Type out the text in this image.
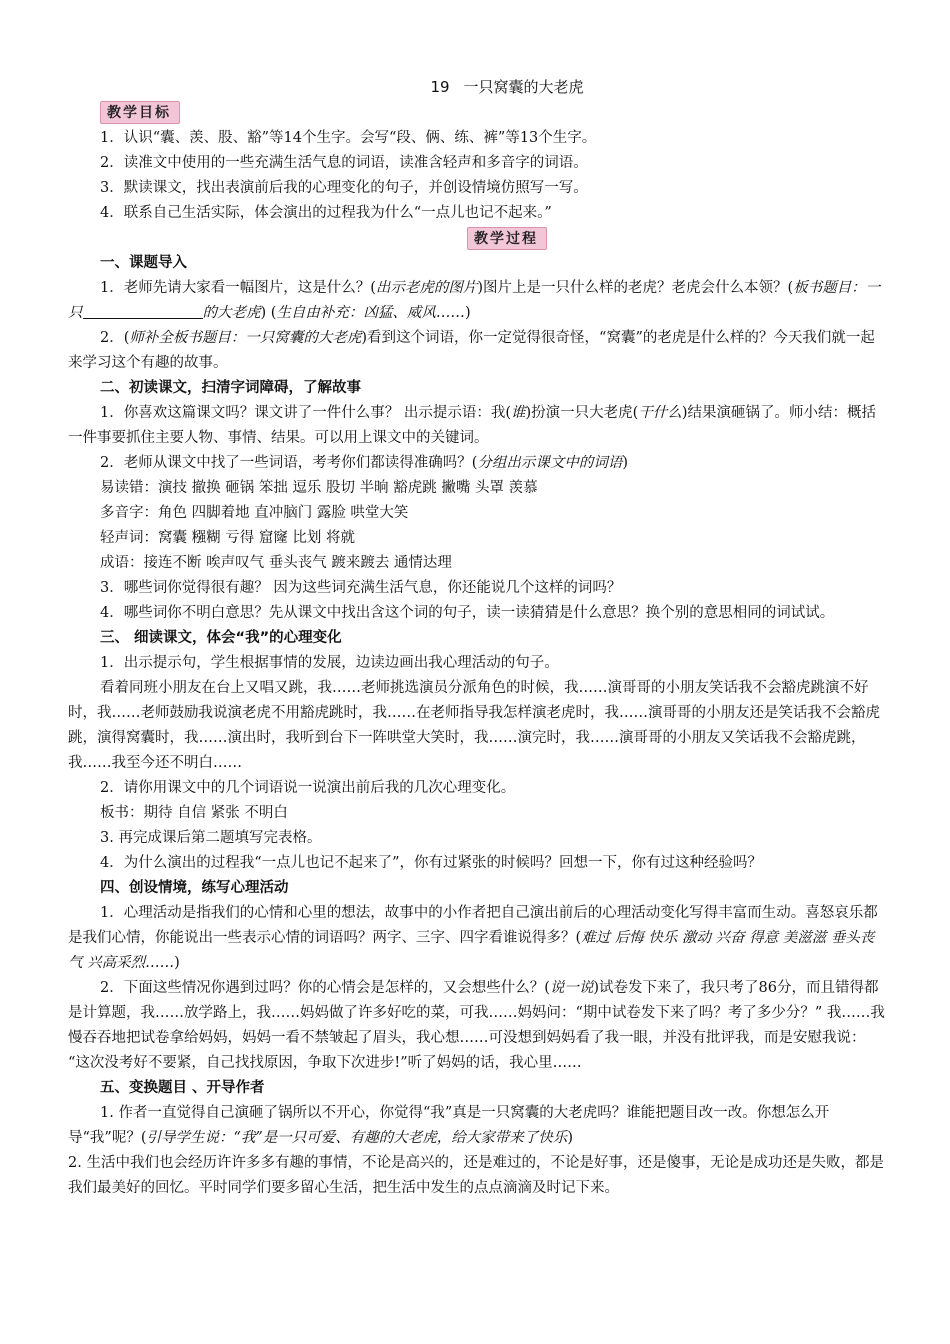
19 一只窝囊的大老虎
教学目标

1．认识“囊、羡、股、豁”等14个生字。会写“段、俩、练、裤”等13个生字。

2．读准文中使用的一些充满生活气息的词语，读准含轻声和多音字的词语。

3．默读课文，找出表演前后我的心理变化的句子，并创设情境仿照写一写。

4．联系自己生活实际，体会演出的过程我为什么“一点儿也记不起来。”

教学过程

一、课题导入

1．老师先请大家看一幅图片，这是什么？(出示老虎的图片)图片上是一只什么样的老虎？老虎会什么本领？(板书题目：一只	的大老虎) (生自由补充：凶猛、威风……)

2．(师补全板书题目：一只窝囊的大老虎)看到这个词语，你一定觉得很奇怪，“窝囊”的老虎是什么样的？今天我们就一起来学习这个有趣的故事。

二、初读课文，扫清字词障碍，了解故事

1．你喜欢这篇课文吗？课文讲了一件什么事？ 出示提示语：我(谁)扮演一只大老虎(干什么)结果演砸锅了。师小结：概括一件事要抓住主要人物、事情、结果。可以用上课文中的关键词。

2．老师从课文中找了一些词语，考考你们都读得准确吗？(分组出示课文中的词语)

易读错：演技 撤换 砸锅 笨拙 逗乐 股切 半晌 豁虎跳 撇嘴 头罩 羡慕

多音字：角色 四脚着地 直冲脑门 露脸 哄堂大笑

轻声词：窝囊 糨糊 亏得 窟窿 比划 将就

成语：接连不断 唉声叹气 垂头丧气 踱来踱去 通情达理

3．哪些词你觉得很有趣？ 因为这些词充满生活气息，你还能说几个这样的词吗？

4．哪些词你不明白意思？先从课文中找出含这个词的句子，读一读猜猜是什么意思？换个别的意思相同的词试试。

三、 细读课文，体会“我”的心理变化

1．出示提示句，学生根据事情的发展，边读边画出我心理活动的句子。

看着同班小朋友在台上又唱又跳，我……老师挑选演员分派角色的时候，我……演哥哥的小朋友笑话我不会豁虎跳演不好时，我……老师鼓励我说演老虎不用豁虎跳时，我……在老师指导我怎样演老虎时，我……演哥哥的小朋友还是笑话我不会豁虎跳，演得窝囊时，我……演出时，我听到台下一阵哄堂大笑时，我……演完时，我……演哥哥的小朋友又笑话我不会豁虎跳，我……我至今还不明白……

2．请你用课文中的几个词语说一说演出前后我的几次心理变化。

板书：期待 自信 紧张 不明白

3. 再完成课后第二题填写完表格。

4．为什么演出的过程我“一点儿也记不起来了”，你有过紧张的时候吗？回想一下，你有过这种经验吗？

四、创设情境，练写心理活动

1．心理活动是指我们的心情和心里的想法，故事中的小作者把自己演出前后的心理活动变化写得丰富而生动。喜怒哀乐都是我们心情，你能说出一些表示心情的词语吗？两字、三字、四字看谁说得多？(难过 后悔 快乐 激动 兴奋 得意 美滋滋 垂头丧气 兴高采烈……)

2．下面这些情况你遇到过吗？你的心情会是怎样的，又会想些什么？(说一说)试卷发下来了，我只考了86分，而且错得都是计算题，我……放学路上，我……妈妈做了许多好吃的菜，可我……妈妈问：“期中试卷发下来了吗？考了多少分？” 我……我慢吞吞地把试卷拿给妈妈，妈妈一看不禁皱起了眉头，我心想……可没想到妈妈看了我一眼，并没有批评我，而是安慰我说： “这次没考好不要紧，自己找找原因，争取下次进步!”听了妈妈的话，我心里……

五、变换题目 、开导作者

1. 作者一直觉得自己演砸了锅所以不开心，你觉得“我”真是一只窝囊的大老虎吗？谁能把题目改一改。你想怎么开导“我”呢？(引导学生说：“我”是一只可爱、有趣的大老虎，给大家带来了快乐)

2. 生活中我们也会经历许许多多有趣的事情，不论是高兴的，还是难过的，不论是好事，还是傻事，无论是成功还是失败，都是我们最美好的回忆。平时同学们要多留心生活，把生活中发生的点点滴滴及时记下来。
